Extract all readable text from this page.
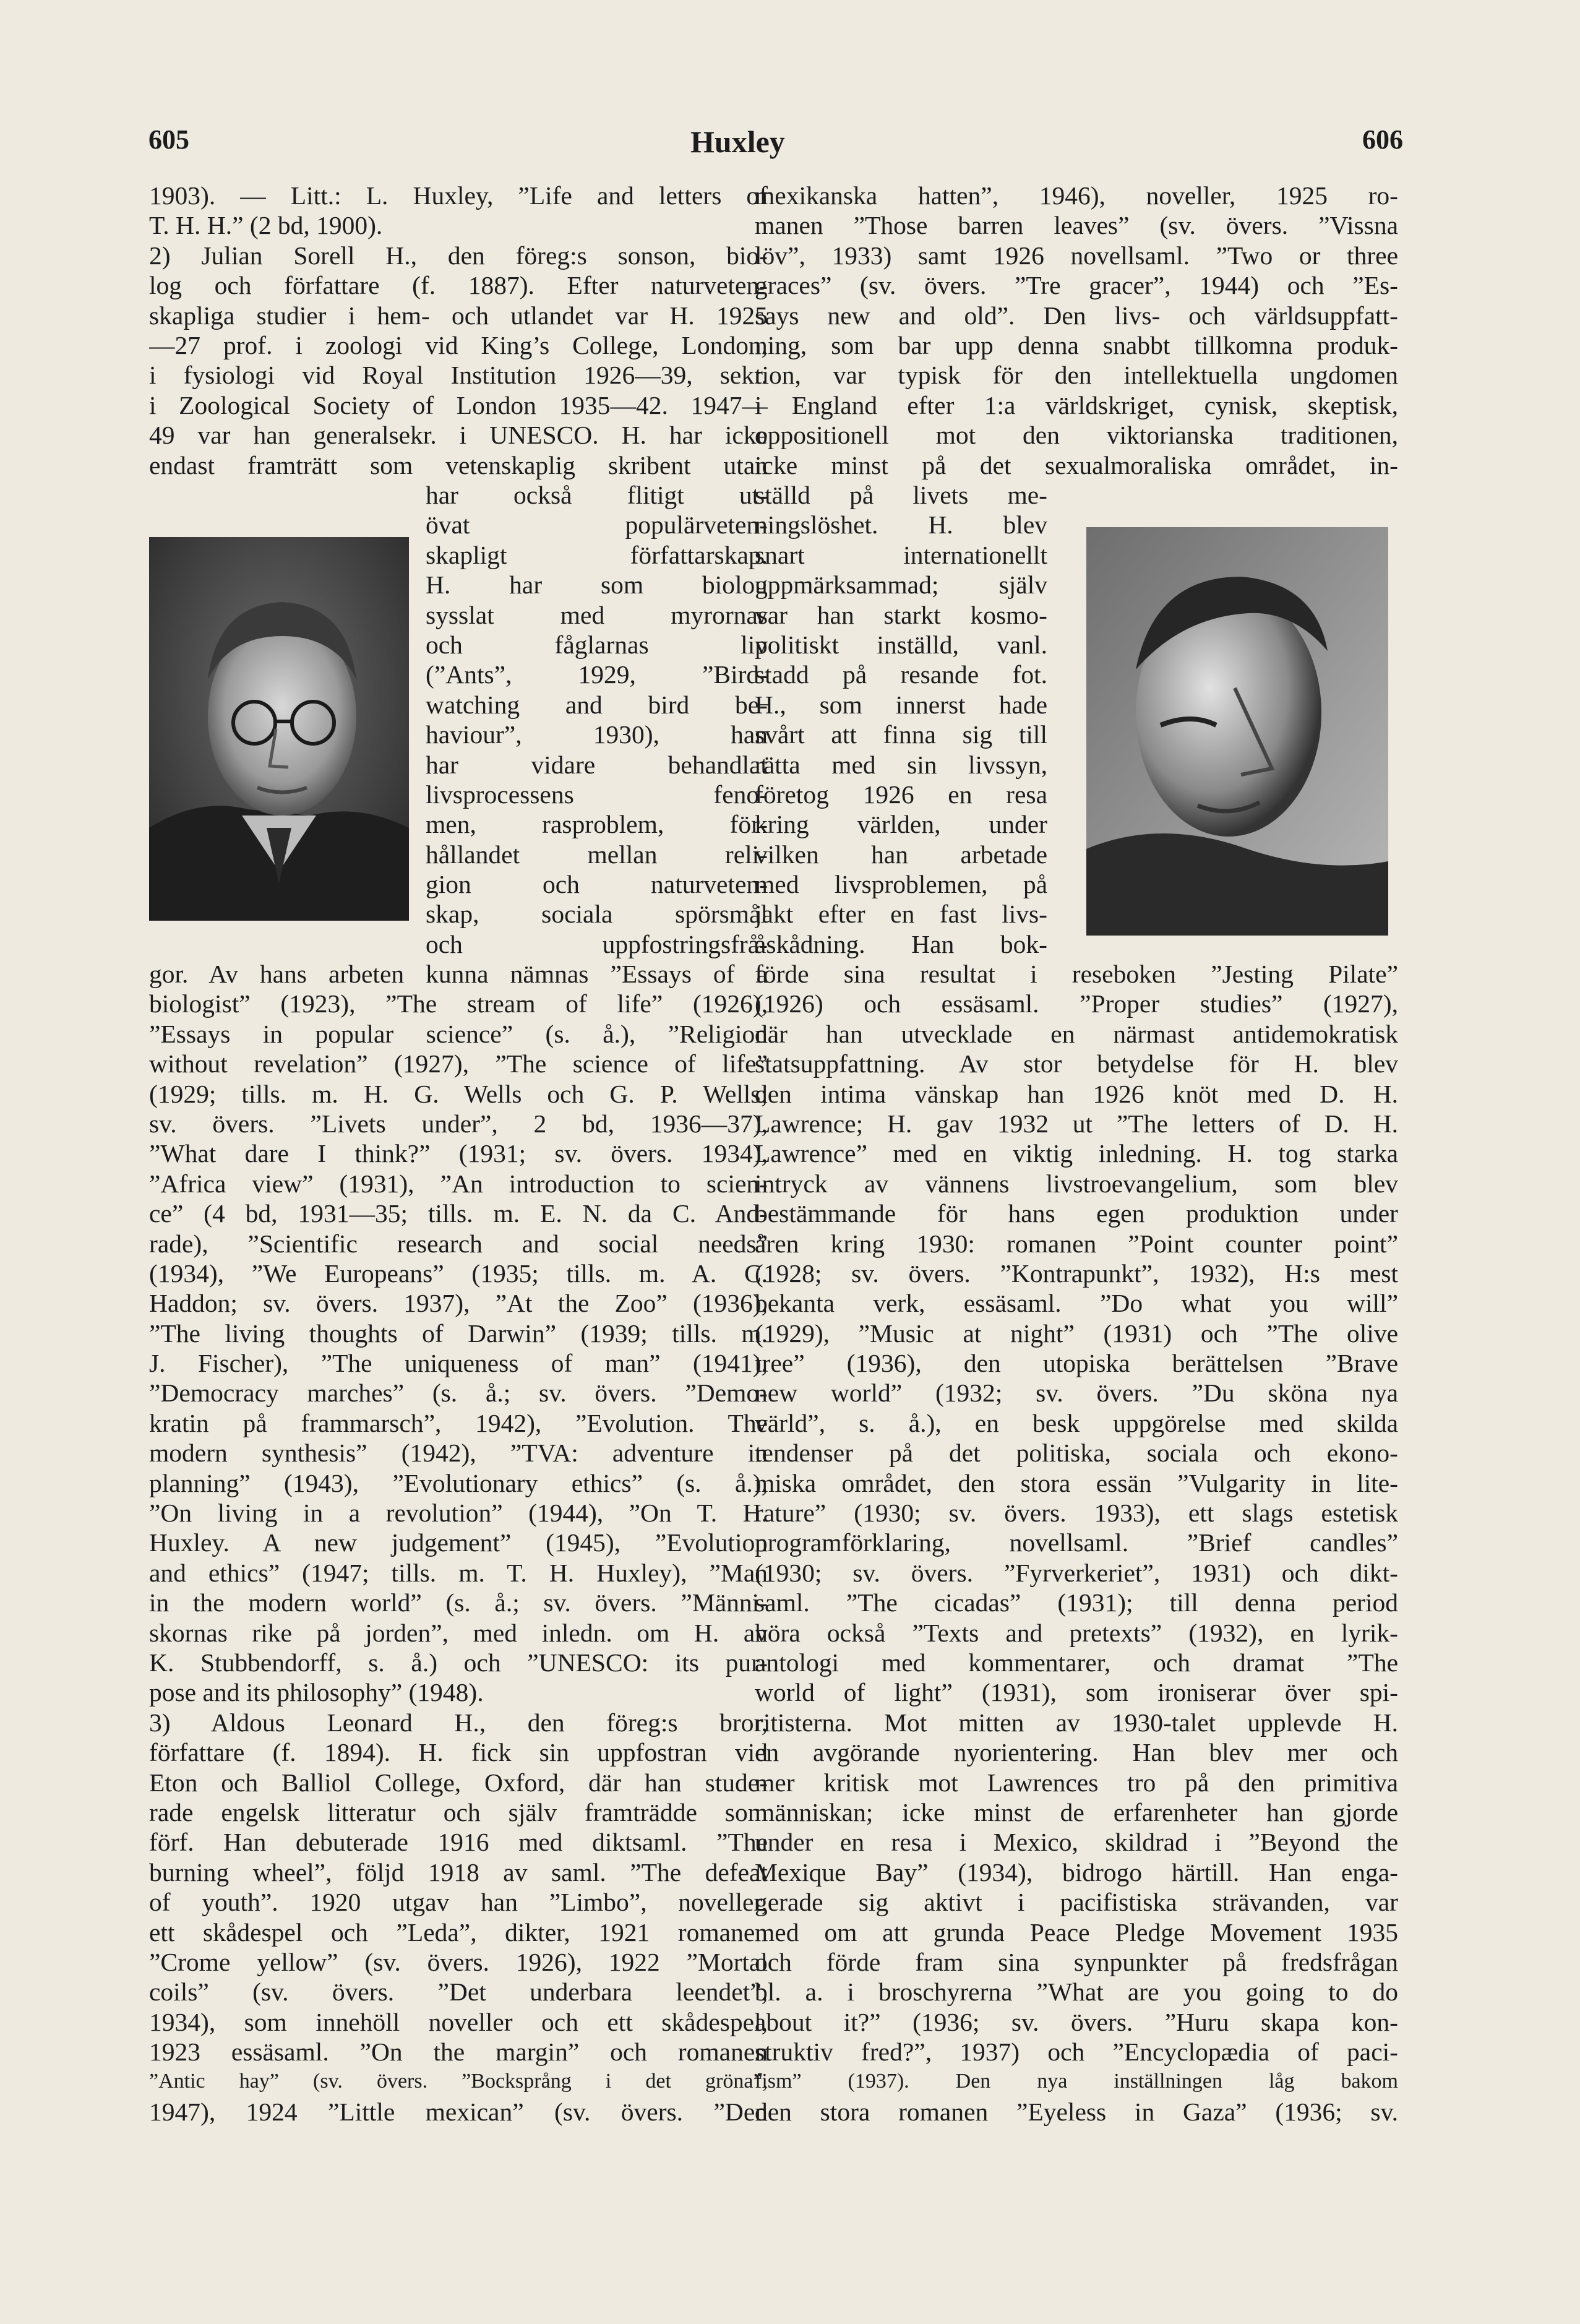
605	Huxley	606
1903). — Litt.: L. Huxley, ”Life and letters of
T. H. H.” (2 bd, 1900).
2) Julian Sorell H., den föreg:s sonson, bio-
log och författare (f. 1887). Efter naturveten-
skapliga studier i hem- och utlandet var H. 1925
—27 prof. i zoologi vid King’s College, London,
i fysiologi vid Royal Institution 1926—39, sekr.
i Zoological Society of London 1935—42. 1947—
49 var han generalsekr. i UNESCO. H. har icke
endast framträtt som vetenskaplig skribent utan
har också flitigt ut-
övat populärveten-
skapligt författarskap.
H. har som biolog
sysslat med myrornas
och fåglarnas liv
(”Ants”, 1929, ”Bird-
watching and bird be-
haviour”, 1930), han
har vidare behandlat
livsprocessens feno-
men, rasproblem, för-
hållandet mellan reli-
gion och naturveten-
skap, sociala spörsmål
och uppfostringsfrå-
gor. Av hans arbeten kunna nämnas ”Essays of a
biologist” (1923), ”The stream of life” (1926),
”Essays in popular science” (s. å.), ”Religion
without revelation” (1927), ”The science of life”
(1929; tills. m. H. G. Wells och G. P. Wells;
sv. övers. ”Livets under”, 2 bd, 1936—37),
”What dare I think?” (1931; sv. övers. 1934),
”Africa view” (1931), ”An introduction to scien-
ce” (4 bd, 1931—35; tills. m. E. N. da C. And-
rade), ”Scientific research and social needs”
(1934), ”We Europeans” (1935; tills. m. A. C.
Haddon; sv. övers. 1937), ”At the Zoo” (1936),
”The living thoughts of Darwin” (1939; tills. m.
J. Fischer), ”The uniqueness of man” (1941),
”Democracy marches” (s. å.; sv. övers. ”Demo-
kratin på frammarsch”, 1942), ”Evolution. The
modern synthesis” (1942), ”TVA: adventure in
planning” (1943), ”Evolutionary ethics” (s. å.),
”On living in a revolution” (1944), ”On T. H.
Huxley. A new judgement” (1945), ”Evolution
and ethics” (1947; tills. m. T. H. Huxley), ”Man
in the modern world” (s. å.; sv. övers. ”Männi-
skornas rike på jorden”, med inledn. om H. av
K. Stubbendorff, s. å.) och ”UNESCO: its pur-
pose and its philosophy” (1948).
3) Aldous Leonard H., den föreg:s bror,
författare (f. 1894). H. fick sin uppfostran vid
Eton och Balliol College, Oxford, där han stude-
rade engelsk litteratur och själv framträdde som
förf. Han debuterade 1916 med diktsaml. ”The
burning wheel”, följd 1918 av saml. ”The defeat
of youth”. 1920 utgav han ”Limbo”, noveller,
ett skådespel och ”Leda”, dikter, 1921 romanen
”Crome yellow” (sv. övers. 1926), 1922 ”Mortal
coils” (sv. övers. ”Det underbara leendet”,
1934), som innehöll noveller och ett skådespel,
1923 essäsaml. ”On the margin” och romanen
”Antic hay” (sv. övers. ”Bocksprång i det gröna”,
1947), 1924 ”Little mexican” (sv. övers. ”Den
mexikanska hatten”, 1946), noveller, 1925 ro-
manen ”Those barren leaves” (sv. övers. ”Vissna
löv”, 1933) samt 1926 novellsaml. ”Two or three
graces” (sv. övers. ”Tre gracer”, 1944) och ”Es-
says new and old”. Den livs- och världsuppfatt-
ning, som bar upp denna snabbt tillkomna produk-
tion, var typisk för den intellektuella ungdomen
i England efter 1:a världskriget, cynisk, skeptisk,
oppositionell mot den viktorianska traditionen,
icke minst på det sexualmoraliska området, in-
ställd på livets me-
ningslöshet. H. blev
snart internationellt
uppmärksammad; själv
var han starkt kosmo-
politiskt inställd, vanl.
stadd på resande fot.
H., som innerst hade
svårt att finna sig till
rätta med sin livssyn,
företog 1926 en resa
kring världen, under
vilken han arbetade
med livsproblemen, på
jakt efter en fast livs-
åskådning. Han bok-
förde sina resultat i reseboken ”Jesting Pilate”
(1926) och essäsaml. ”Proper studies” (1927),
där han utvecklade en närmast antidemokratisk
statsuppfattning. Av stor betydelse för H. blev
den intima vänskap han 1926 knöt med D. H.
Lawrence; H. gav 1932 ut ”The letters of D. H.
Lawrence” med en viktig inledning. H. tog starka
intryck av vännens livstroevangelium, som blev
bestämmande för hans egen produktion under
åren kring 1930: romanen ”Point counter point”
(1928; sv. övers. ”Kontrapunkt”, 1932), H:s mest
bekanta verk, essäsaml. ”Do what you will”
(1929), ”Music at night” (1931) och ”The olive
tree” (1936), den utopiska berättelsen ”Brave
new world” (1932; sv. övers. ”Du sköna nya
värld”, s. å.), en besk uppgörelse med skilda
tendenser på det politiska, sociala och ekono-
miska området, den stora essän ”Vulgarity in lite-
rature” (1930; sv. övers. 1933), ett slags estetisk
programförklaring, novellsaml. ”Brief candles”
(1930; sv. övers. ”Fyrverkeriet”, 1931) och dikt-
saml. ”The cicadas” (1931); till denna period
höra också ”Texts and pretexts” (1932), en lyrik-
antologi med kommentarer, och dramat ”The
world of light” (1931), som ironiserar över spi-
ritisterna. Mot mitten av 1930-talet upplevde H.
en avgörande nyorientering. Han blev mer och
mer kritisk mot Lawrences tro på den primitiva
människan; icke minst de erfarenheter han gjorde
under en resa i Mexico, skildrad i ”Beyond the
Mexique Bay” (1934), bidrogo härtill. Han enga-
gerade sig aktivt i pacifistiska strävanden, var
med om att grunda Peace Pledge Movement 1935
och förde fram sina synpunkter på fredsfrågan
bl. a. i broschyrerna ”What are you going to do
about it?” (1936; sv. övers. ”Huru skapa kon-
struktiv fred?”, 1937) och ”Encyclopædia of paci-
fism” (1937). Den nya inställningen låg bakom
den stora romanen ”Eyeless in Gaza” (1936; sv.
